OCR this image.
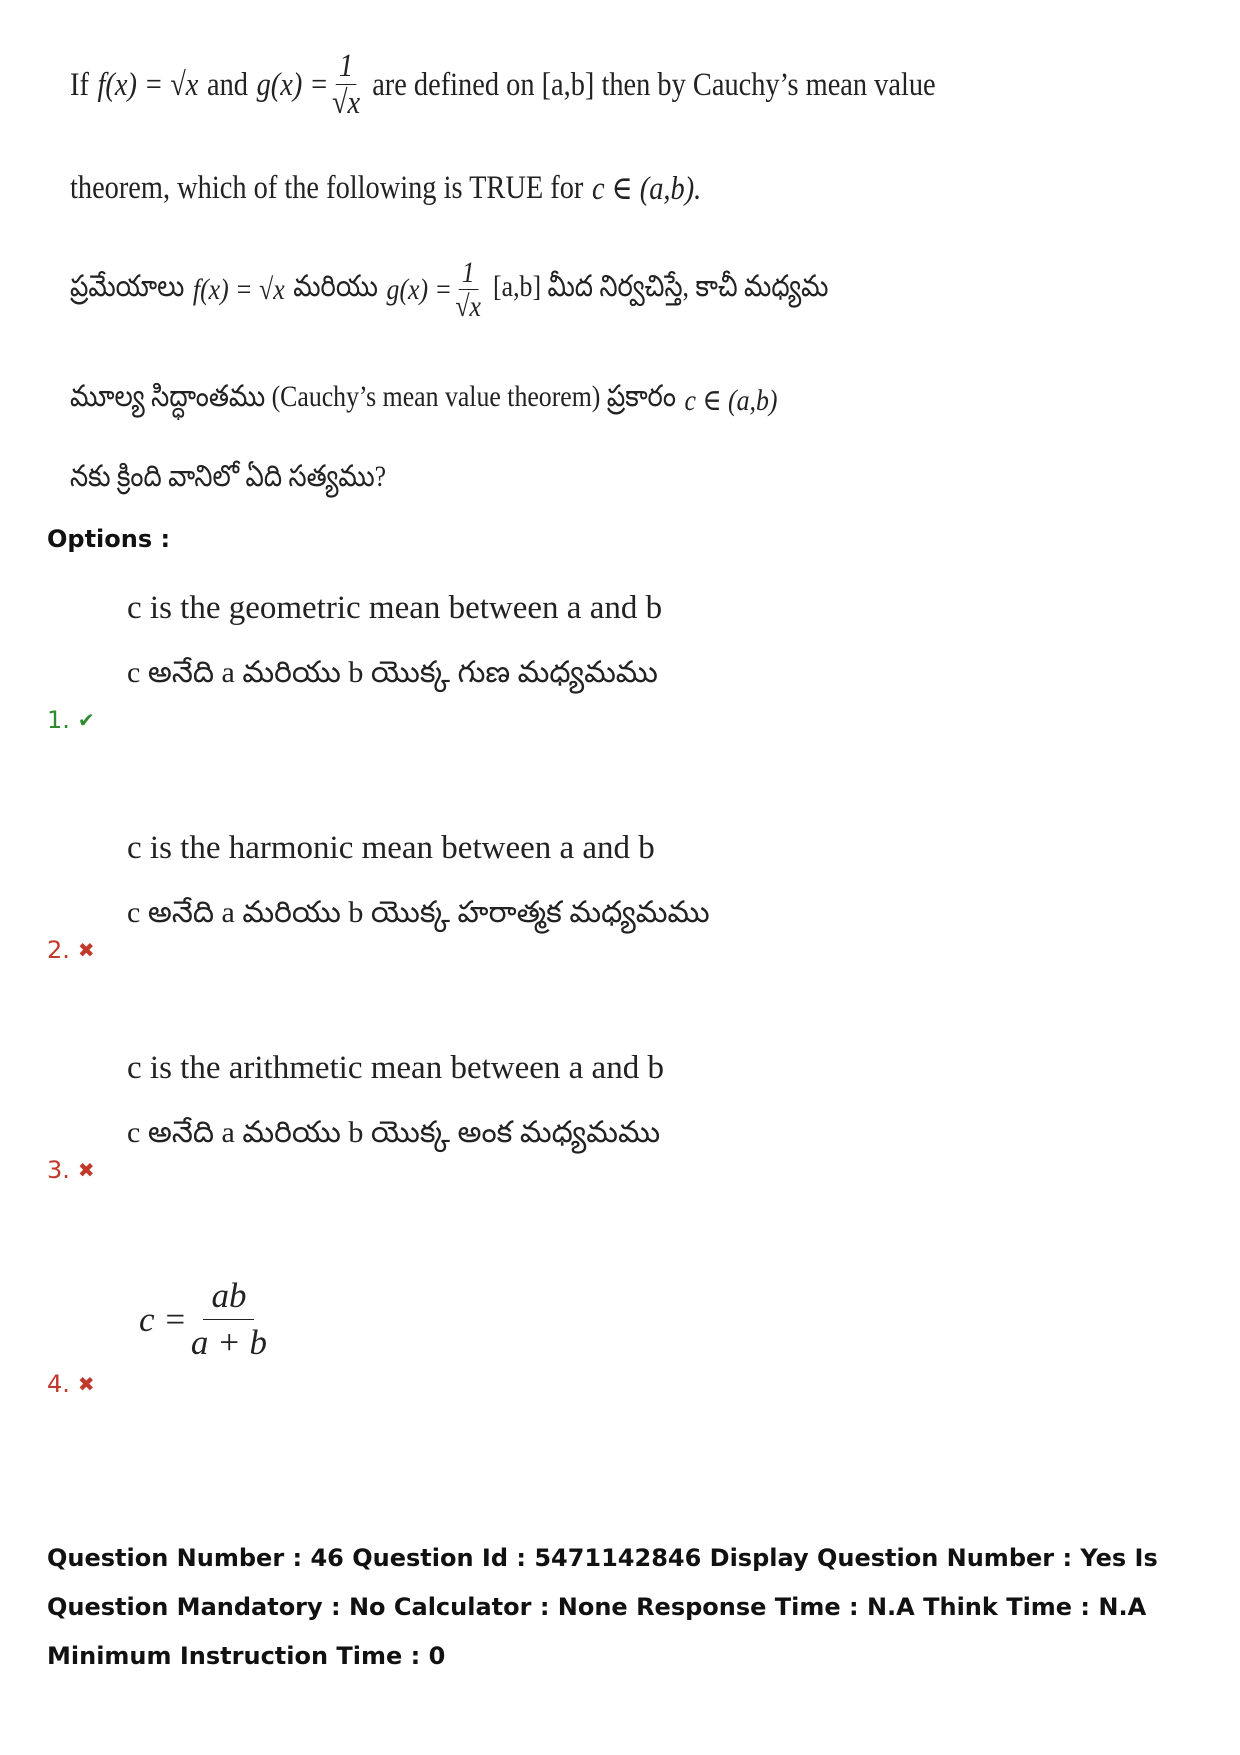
If f(x) = √x and $g(x) = \frac{1}{√x}$ are defined on [a,b] then by Cauchy’s mean value
theorem, which of the following is TRUE for c ∈ (a,b).
ప్రమేయాలు f(x) = √x మరియు $g(x) = \frac{1}{√x} [a,b]$ మీద నిర్వచిస్తే, కాచీ మధ్యమ
మూల్య సిద్ధాంతము (Cauchy’s mean value theorem) ప్రకారం c ∈ (a,b)
నకు క్రింది వానిలో ఏది సత్యము?
Options :
c is the geometric mean between a and b
c అనేది a మరియు b యొక్క గుణ మధ్యమము
1. ✔
c is the harmonic mean between a and b
c అనేది a మరియు b యొక్క హరాత్మక మధ్యమము
2. ✖
c is the arithmetic mean between a and b
c అనేది a మరియు b యొక్క అంక మధ్యమము
3. ✖
$c = \frac{ab}{a + b}$
4. ✖
Question Number : 46 Question Id : 5471142846 Display Question Number : Yes Is Question Mandatory : No Calculator : None Response Time : N.A Think Time : N.A Minimum Instruction Time : 0
